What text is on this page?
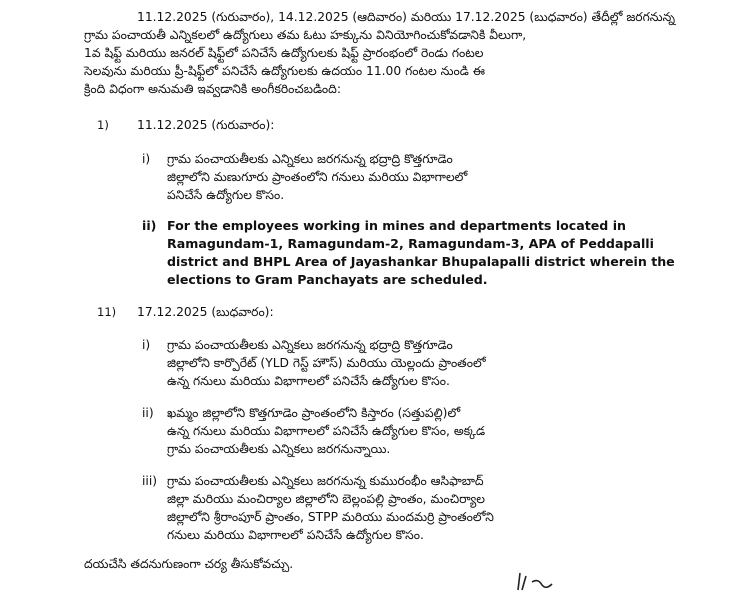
11.12.2025 (గురువారం), 14.12.2025 (ఆదివారం) మరియు 17.12.2025 (బుధవారం) తేదీల్లో జరగనున్న
గ్రామ పంచాయతీ ఎన్నికలలో ఉద్యోగులు తమ ఓటు హక్కును వినియోగించుకోవడానికి వీలుగా,
1వ షిఫ్ట్ మరియు జనరల్ షిఫ్ట్‌లో పనిచేసే ఉద్యోగులకు షిఫ్ట్ ప్రారంభంలో రెండు గంటల
సెలవును మరియు ప్రీ-షిఫ్ట్‌లో పనిచేసే ఉద్యోగులకు ఉదయం 11.00 గంటల నుండి ఈ
క్రింది విధంగా అనుమతి ఇవ్వడానికి అంగీకరించబడింది:
1) 11.12.2025 (గురువారం):
i) గ్రామ పంచాయతీలకు ఎన్నికలు జరగనున్న భద్రాద్రి కొత్తగూడెం
జిల్లాలోని మణుగూరు ప్రాంతంలోని గనులు మరియు విభాగాలలో
పనిచేసే ఉద్యోగుల కొసం.
ii) For the employees working in mines and departments located in
Ramagundam-1, Ramagundam-2, Ramagundam-3, APA of Peddapalli
district and BHPL Area of Jayashankar Bhupalapalli district wherein the
elections to Gram Panchayats are scheduled.
11) 17.12.2025 (బుధవారం):
i) గ్రామ పంచాయతీలకు ఎన్నికలు జరగనున్న భద్రాద్రి కొత్తగూడెం
జిల్లాలోని కార్పొరేట్ (YLD గెస్ట్ హౌస్) మరియు యెల్లందు ప్రాంతంలో
ఉన్న గనులు మరియు విభాగాలలో పనిచేసే ఉద్యోగుల కొసం.
ii) ఖమ్మం జిల్లాలోని కొత్తగూడెం ప్రాంతంలోని కిస్తారం (సత్తుపల్లి)లో
ఉన్న గనులు మరియు విభాగాలలో పనిచేసే ఉద్యోగుల కొసం, అక్కడ
గ్రామ పంచాయతీలకు ఎన్నికలు జరగనున్నాయి.
iii) గ్రామ పంచాయతీలకు ఎన్నికలు జరగనున్న కుమురంభీం ఆసిఫాబాద్
జిల్లా మరియు మంచిర్యాల జిల్లాలోని బెల్లంపల్లి ప్రాంతం, మంచిర్యాల
జిల్లాలోని శ్రీరాంపూర్ ప్రాంతం, STPP మరియు మందమర్రి ప్రాంతంలోని
గనులు మరియు విభాగాలలో పనిచేసే ఉద్యోగుల కొసం.
దయచేసి తదనుగుణంగా చర్య తీసుకోవచ్చు.
